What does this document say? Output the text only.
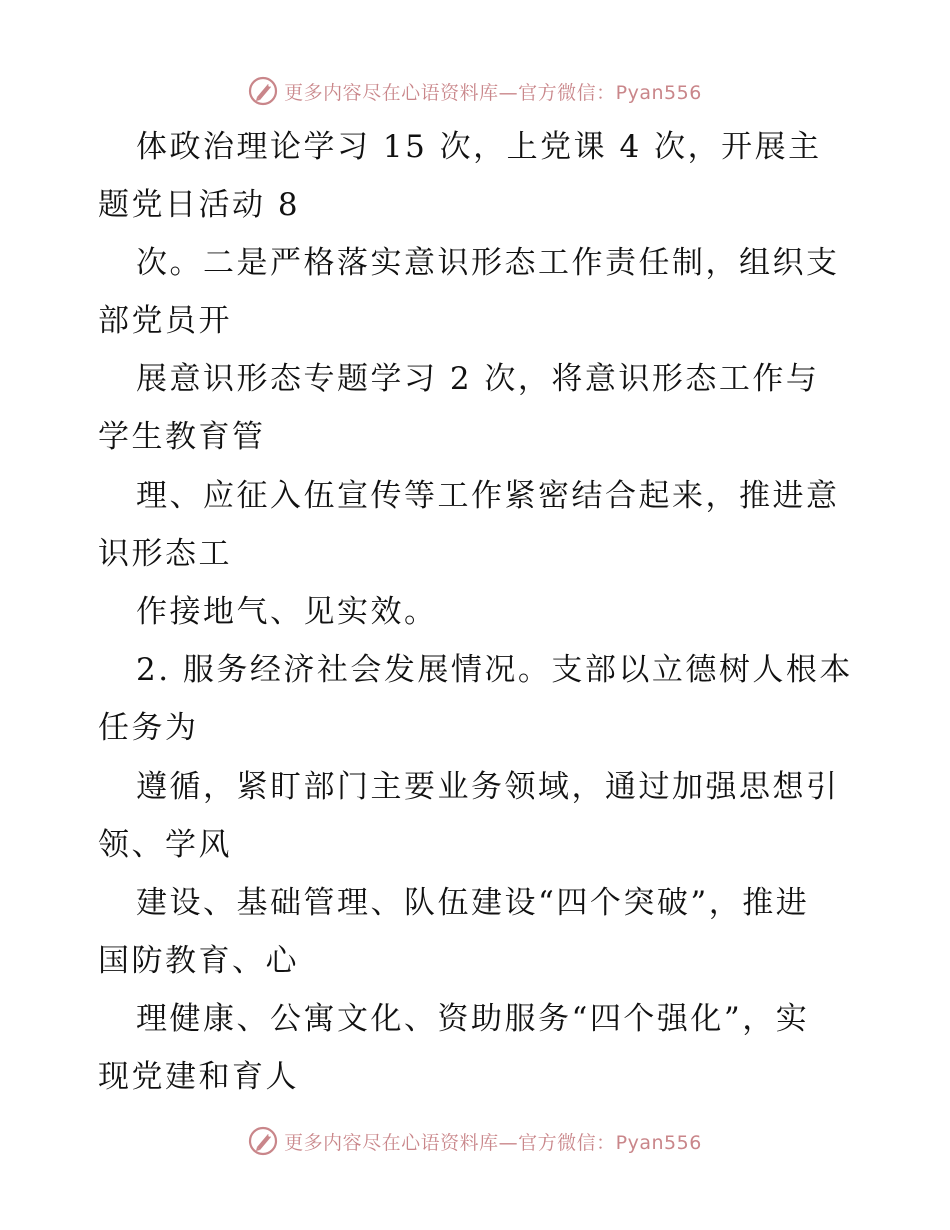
更多内容尽在心语资料库—官方微信：Pyan556
体政治理论学习 15 次，上党课 4 次，开展主
题党日活动 8
次。二是严格落实意识形态工作责任制，组织支
部党员开
展意识形态专题学习 2 次，将意识形态工作与
学生教育管
理、应征入伍宣传等工作紧密结合起来，推进意
识形态工
作接地气、见实效。
2. 服务经济社会发展情况。支部以立德树人根本
任务为
遵循，紧盯部门主要业务领域，通过加强思想引
领、学风
建设、基础管理、队伍建设“四个突破”，推进
国防教育、心
理健康、公寓文化、资助服务“四个强化”，实
现党建和育人
更多内容尽在心语资料库—官方微信：Pyan556
